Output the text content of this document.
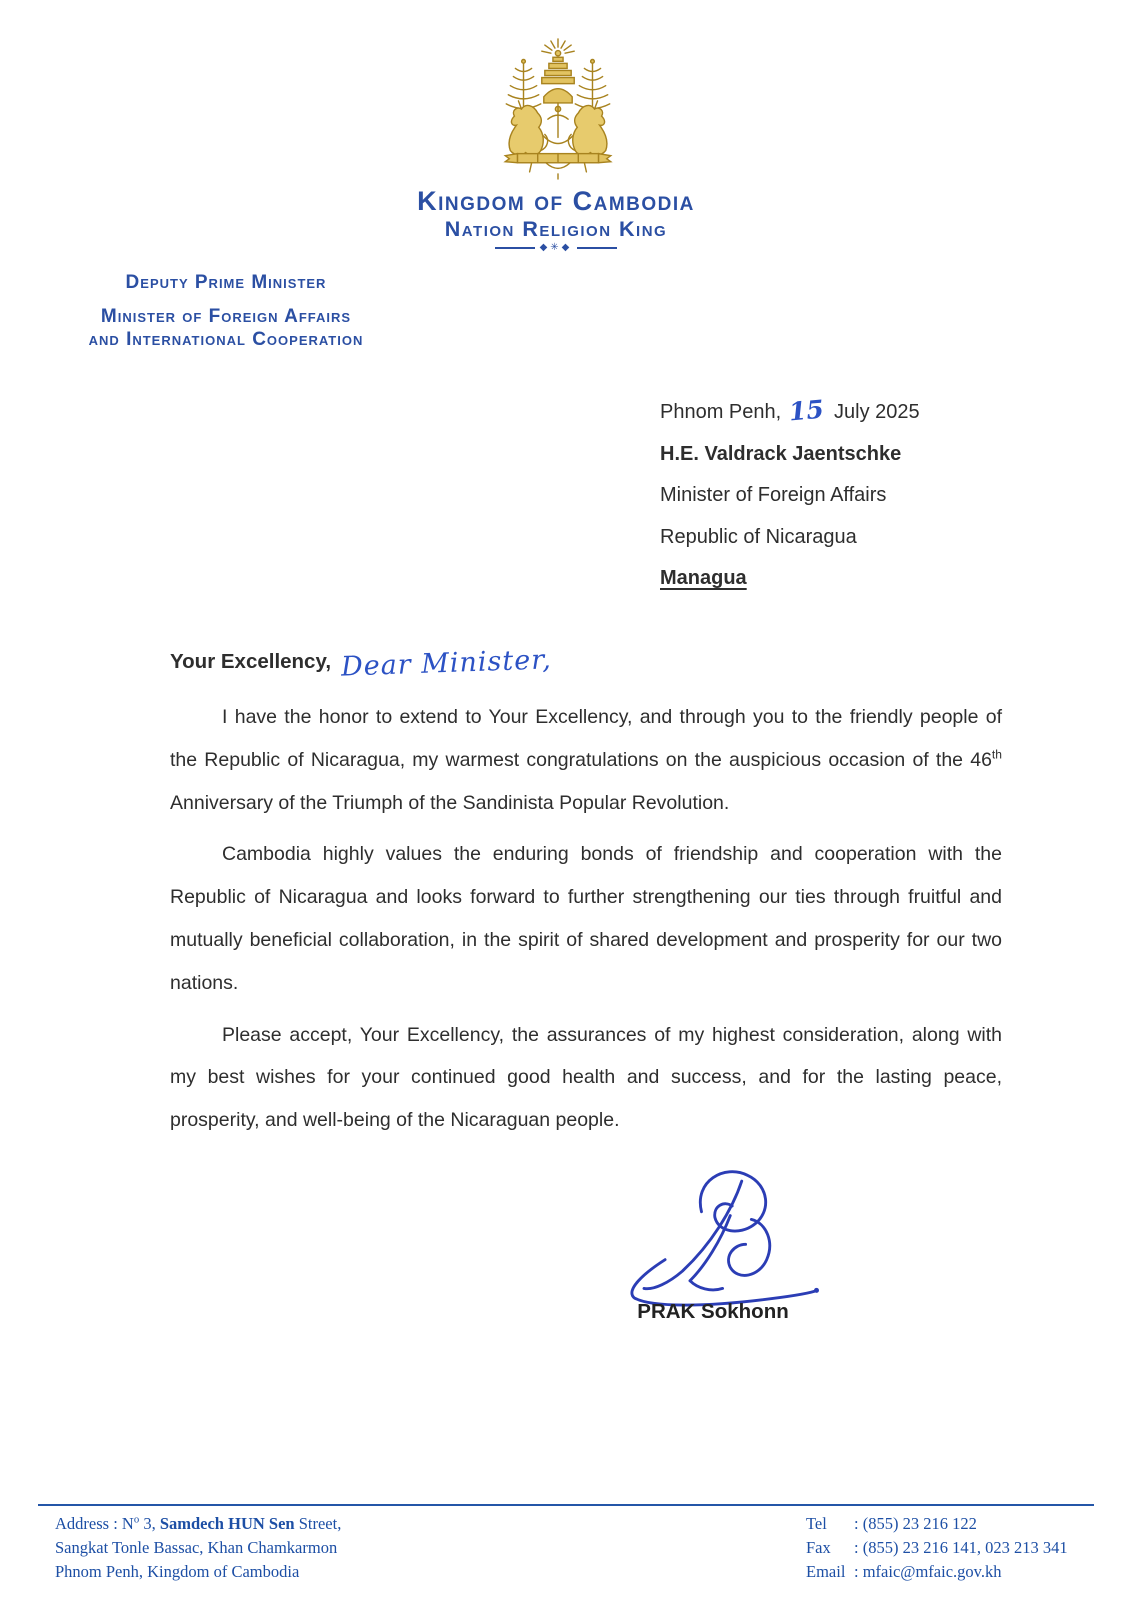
Kingdom of Cambodia
Nation Religion King
◆✳◆
Deputy Prime Minister
Minister of Foreign Affairs
and International Cooperation
Phnom Penh, 15 July 2025
H.E. Valdrack Jaentschke
Minister of Foreign Affairs
Republic of Nicaragua
Managua
Your Excellency, Dear Minister,

I have the honor to extend to Your Excellency, and through you to the friendly people of the Republic of Nicaragua, my warmest congratulations on the auspicious occasion of the 46th Anniversary of the Triumph of the Sandinista Popular Revolution.

Cambodia highly values the enduring bonds of friendship and cooperation with the Republic of Nicaragua and looks forward to further strengthening our ties through fruitful and mutually beneficial collaboration, in the spirit of shared development and prosperity for our two nations.

Please accept, Your Excellency, the assurances of my highest consideration, along with my best wishes for your continued good health and success, and for the lasting peace, prosperity, and well-being of the Nicaraguan people.

PRAK Sokhonn
Address : $N^o$ 3, Samdech HUN Sen Street,
Sangkat Tonle Bassac, Khan Chamkarmon
Phnom Penh, Kingdom of Cambodia
Tel	: (855) 23 216 122
Fax	: (855) 23 216 141, 023 213 341
Email : mfaic@mfaic.gov.kh
